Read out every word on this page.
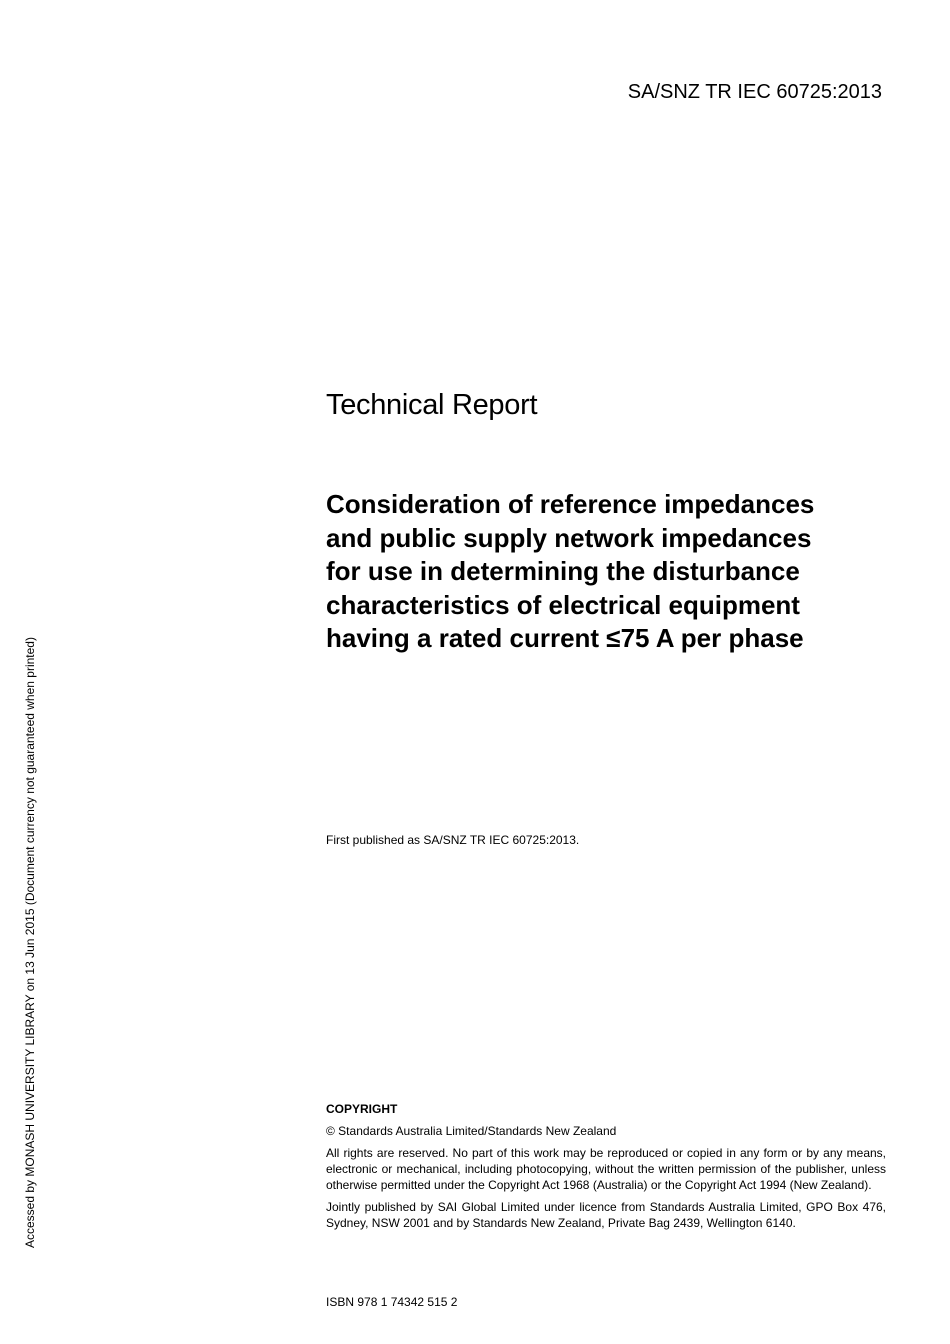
SA/SNZ TR IEC 60725:2013
Technical Report
Consideration of reference impedances
and public supply network impedances
for use in determining the disturbance
characteristics of electrical equipment
having a rated current ≤75 A per phase
First published as SA/SNZ TR IEC 60725:2013.
Accessed by MONASH UNIVERSITY LIBRARY on 13 Jun 2015 (Document currency not guaranteed when printed)	COPYRIGHT

© Standards Australia Limited/Standards New Zealand

All rights are reserved. No part of this work may be reproduced or copied in any form or by any means, electronic or mechanical, including photocopying, without the written permission of the publisher, unless otherwise permitted under the Copyright Act 1968 (Australia) or the Copyright Act 1994 (New Zealand).

Jointly published by SAI Global Limited under licence from Standards Australia Limited, GPO Box 476, Sydney, NSW 2001 and by Standards New Zealand, Private Bag 2439, Wellington 6140.

ISBN 978 1 74342 515 2
